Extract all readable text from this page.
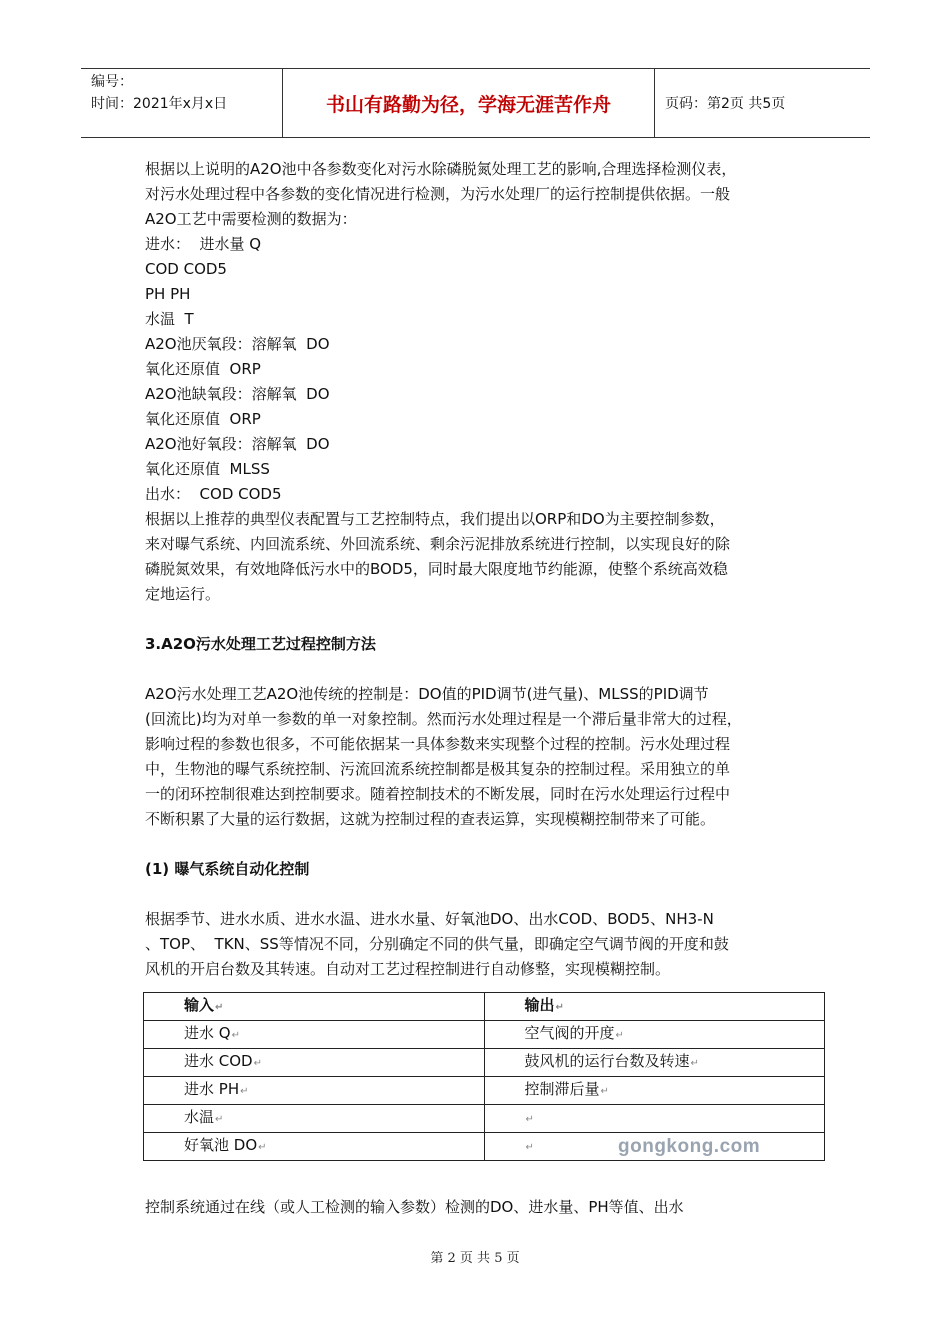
编号：
时间：2021年x月x日	书山有路勤为径，学海无涯苦作舟	页码：第2页 共5页

根据以上说明的A2O池中各参数变化对污水除磷脱氮处理工艺的影响,合理选择检测仪表，
对污水处理过程中各参数的变化情况进行检测，为污水处理厂的运行控制提供依据。一般
A2O工艺中需要检测的数据为：

进水：  进水量 Q
COD COD5
PH PH
水温  T
A2O池厌氧段：溶解氧  DO
氧化还原值  ORP
A2O池缺氧段：溶解氧  DO
氧化还原值  ORP
A2O池好氧段：溶解氧  DO
氧化还原值  MLSS
出水：  COD COD5

根据以上推荐的典型仪表配置与工艺控制特点，我们提出以ORP和DO为主要控制参数，
来对曝气系统、内回流系统、外回流系统、剩余污泥排放系统进行控制，以实现良好的除
磷脱氮效果，有效地降低污水中的BOD5，同时最大限度地节约能源，使整个系统高效稳
定地运行。

3.A2O污水处理工艺过程控制方法

A2O污水处理工艺A2O池传统的控制是：DO值的PID调节(进气量)、MLSS的PID调节
(回流比)均为对单一参数的单一对象控制。然而污水处理过程是一个滞后量非常大的过程，
影响过程的参数也很多，不可能依据某一具体参数来实现整个过程的控制。污水处理过程
中，生物池的曝气系统控制、污流回流系统控制都是极其复杂的控制过程。采用独立的单
一的闭环控制很难达到控制要求。随着控制技术的不断发展，同时在污水处理运行过程中
不断积累了大量的运行数据，这就为控制过程的查表运算，实现模糊控制带来了可能。

(1) 曝气系统自动化控制

根据季节、进水水质、进水水温、进水水量、好氧池DO、出水COD、BOD5、NH3-N
、TOP、  TKN、SS等情况不同，分别确定不同的供气量，即确定空气调节阀的开度和鼓
风机的开启台数及其转速。自动对工艺过程控制进行自动修整，实现模糊控制。

输入↵	输出↵
进水 Q↵	空气阀的开度↵
进水 COD↵	鼓风机的运行台数及转速↵
进水 PH↵	控制滞后量↵
水温↵	↵
好氧池 DO↵	↵

控制系统通过在线（或人工检测的输入参数）检测的DO、进水量、PH等值、出水

gongkong.com
第 2 页 共 5 页
